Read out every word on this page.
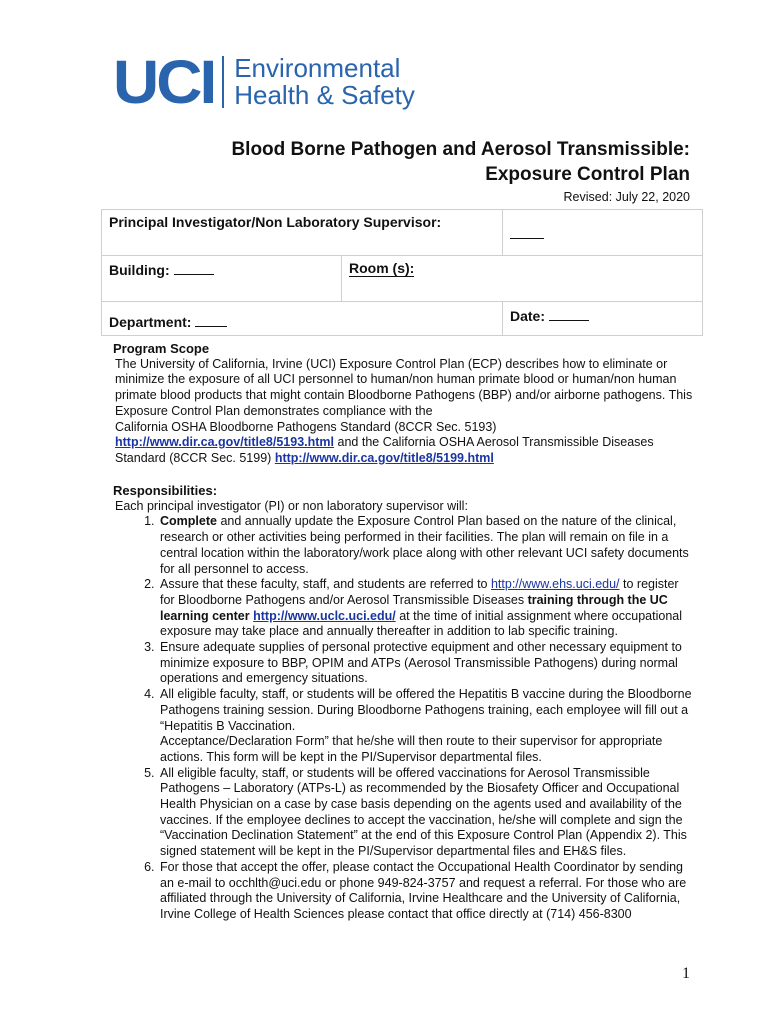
UCI Environmental
Health & Safety
Blood Borne Pathogen and Aerosol Transmissible:
Exposure Control Plan
Revised: July 22, 2020
Principal Investigator/Non Laboratory Supervisor:		
Building:	Room (s):	
Department:		Date:
Program Scope
The University of California, Irvine (UCI) Exposure Control Plan (ECP) describes how to eliminate or minimize the exposure of all UCI personnel to human/non human primate blood or human/non human primate blood products that might contain Bloodborne Pathogens (BBP) and/or airborne pathogens. This Exposure Control Plan demonstrates compliance with the
California OSHA Bloodborne Pathogens Standard (8CCR Sec. 5193)
http://www.dir.ca.gov/title8/5193.html and the California OSHA Aerosol Transmissible Diseases Standard (8CCR Sec. 5199) http://www.dir.ca.gov/title8/5199.html
Responsibilities:
Each principal investigator (PI) or non laboratory supervisor will:
1. Complete and annually update the Exposure Control Plan based on the nature of the clinical, research or other activities being performed in their facilities. The plan will remain on file in a central location within the laboratory/work place along with other relevant UCI safety documents for all personnel to access.
2. Assure that these faculty, staff, and students are referred to http://www.ehs.uci.edu/ to register for Bloodborne Pathogens and/or Aerosol Transmissible Diseases training through the UC learning center http://www.uclc.uci.edu/ at the time of initial assignment where occupational exposure may take place and annually thereafter in addition to lab specific training.
3. Ensure adequate supplies of personal protective equipment and other necessary equipment to minimize exposure to BBP, OPIM and ATPs (Aerosol Transmissible Pathogens) during normal operations and emergency situations.
4. All eligible faculty, staff, or students will be offered the Hepatitis B vaccine during the Bloodborne Pathogens training session. During Bloodborne Pathogens training, each employee will fill out a “Hepatitis B Vaccination.
Acceptance/Declaration Form” that he/she will then route to their supervisor for appropriate actions. This form will be kept in the PI/Supervisor departmental files.
5. All eligible faculty, staff, or students will be offered vaccinations for Aerosol Transmissible Pathogens – Laboratory (ATPs-L) as recommended by the Biosafety Officer and Occupational Health Physician on a case by case basis depending on the agents used and availability of the vaccines. If the employee declines to accept the vaccination, he/she will complete and sign the “Vaccination Declination Statement” at the end of this Exposure Control Plan (Appendix 2). This signed statement will be kept in the PI/Supervisor departmental files and EH&S files.
6. For those that accept the offer, please contact the Occupational Health Coordinator by sending an e-mail to occhlth@uci.edu or phone 949-824-3757 and request a referral. For those who are affiliated through the University of California, Irvine Healthcare and the University of California, Irvine College of Health Sciences please contact that office directly at (714) 456-8300
1
